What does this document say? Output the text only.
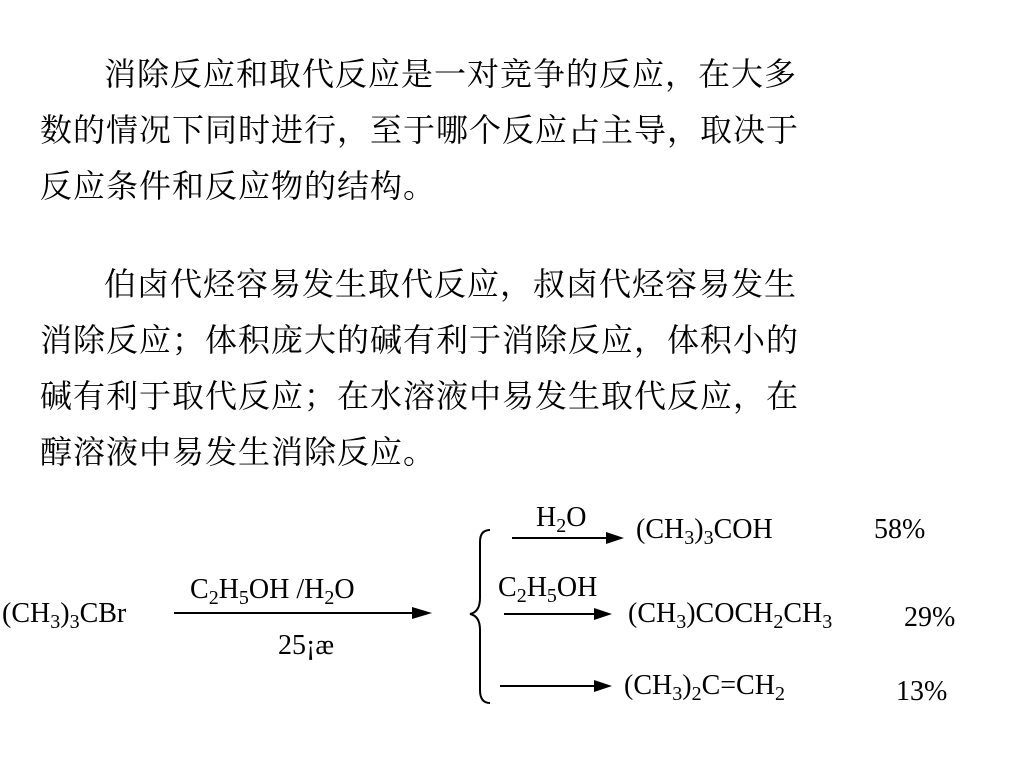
消除反应和取代反应是一对竞争的反应，在大多
数的情况下同时进行，至于哪个反应占主导，取决于
反应条件和反应物的结构。
伯卤代烃容易发生取代反应，叔卤代烃容易发生
消除反应；体积庞大的碱有利于消除反应，体积小的
碱有利于取代反应；在水溶液中易发生取代反应，在
醇溶液中易发生消除反应。
$(CH_3)_3CBr$
$C_2H_5OH$ $/H_2O$
25¡æ
$H_2O$ $(CH_3)_3COH$	58%
$C_2H_5OH$
$(CH_3)COCH_2CH_3$	29%
$(CH_3)_2C=CH_2$	13%
